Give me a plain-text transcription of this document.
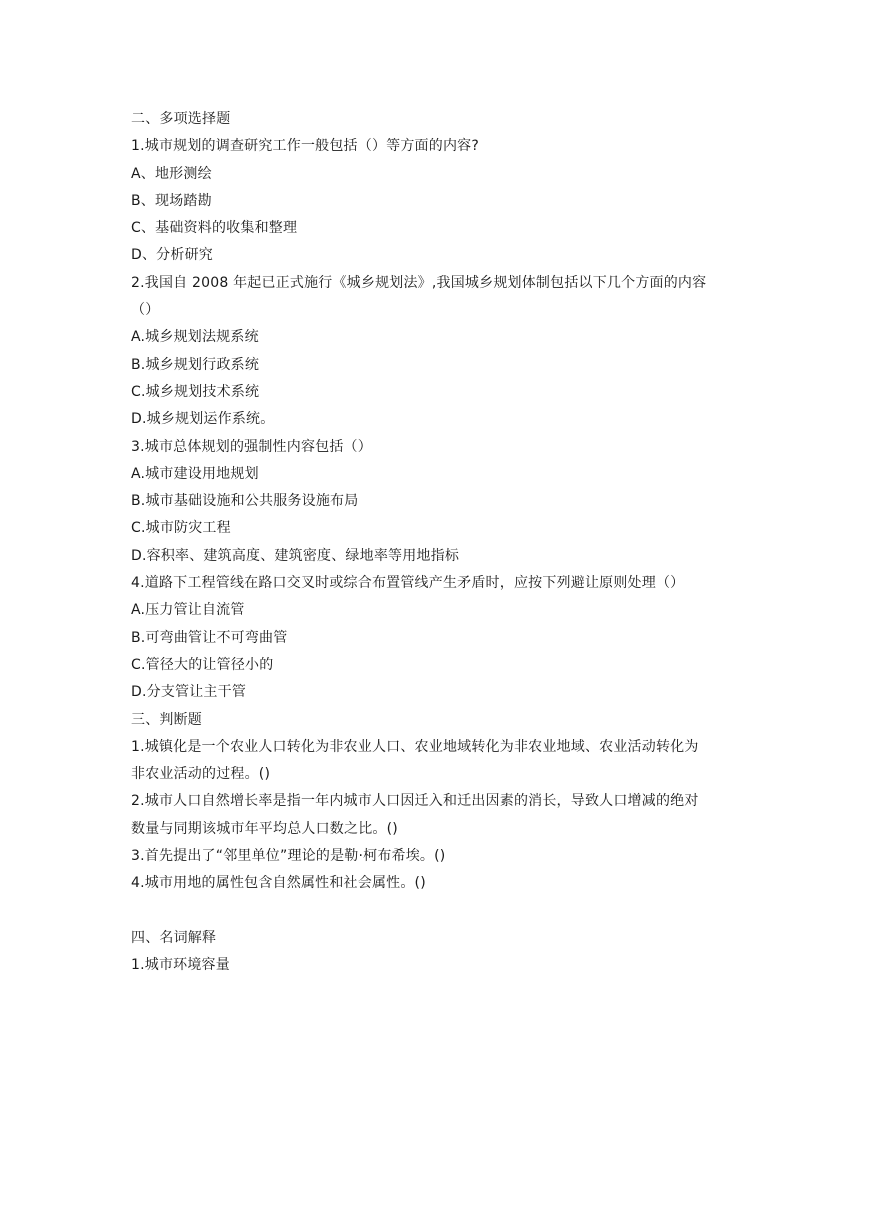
二、多项选择题
1.城市规划的调查研究工作一般包括（）等方面的内容?
A、地形测绘
B、现场踏勘
C、基础资料的收集和整理
D、分析研究
2.我国自 2008 年起已正式施行《城乡规划法》,我国城乡规划体制包括以下几个方面的内容
（）
A.城乡规划法规系统
B.城乡规划行政系统
C.城乡规划技术系统
D.城乡规划运作系统。
3.城市总体规划的强制性内容包括（）
A.城市建设用地规划
B.城市基础设施和公共服务设施布局
C.城市防灾工程
D.容积率、建筑高度、建筑密度、绿地率等用地指标
4.道路下工程管线在路口交叉时或综合布置管线产生矛盾时，应按下列避让原则处理（）
A.压力管让自流管
B.可弯曲管让不可弯曲管
C.管径大的让管径小的
D.分支管让主干管
三、判断题
1.城镇化是一个农业人口转化为非农业人口、农业地域转化为非农业地域、农业活动转化为
非农业活动的过程。()
2.城市人口自然增长率是指一年内城市人口因迁入和迁出因素的消长，导致人口增减的绝对
数量与同期该城市年平均总人口数之比。()
3.首先提出了“邻里单位”理论的是勒·柯布希埃。()
4.城市用地的属性包含自然属性和社会属性。()
四、名词解释
1.城市环境容量
